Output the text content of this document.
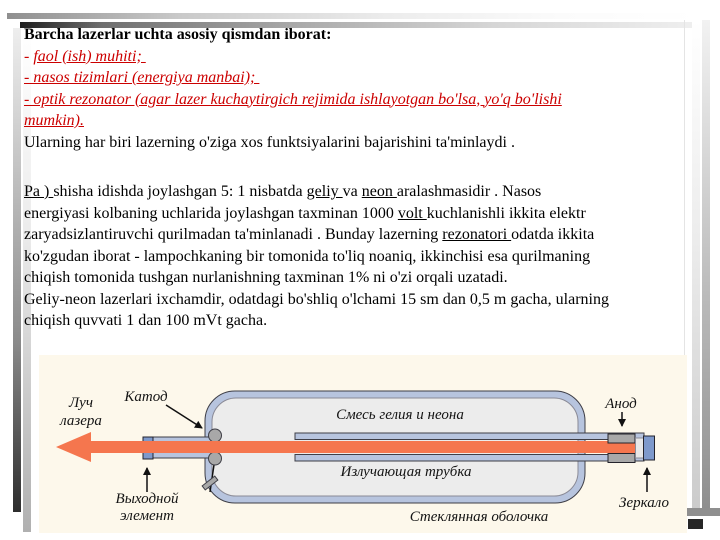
Barcha lazerlar uchta asosiy qismdan iborat:
- faol (ish) muhiti;
- nasos tizimlari (energiya manbai);
- optik rezonator (agar lazer kuchaytirgich rejimida ishlayotgan bo'lsa, yo'q bo'lishi
mumkin).
Ularning har biri lazerning o'ziga xos funktsiyalarini bajarishini ta'minlaydi .
Pa ) shisha idishda joylashgan 5: 1 nisbatda geliy va neon aralashmasidir . Nasos
energiyasi kolbaning uchlarida joylashgan taxminan 1000 volt kuchlanishli ikkita elektr
zaryadsizlantiruvchi qurilmadan ta'minlanadi . Bunday lazerning rezonatori odatda ikkita
ko'zgudan iborat - lampochkaning bir tomonida to'liq noaniq, ikkinchisi esa qurilmaning
chiqish tomonida tushgan nurlanishning taxminan 1% ni o'zi orqali uzatadi.
Geliy-neon lazerlari ixchamdir, odatdagi bo'shliq o'lchami 15 sm dan 0,5 m gacha, ularning
chiqish quvvati 1 dan 100 mVt gacha.
Луч
лазера
Катод
Смесь гелия и неона
Анод
Излучающая трубка
Выходной
элемент
Зеркало
Стеклянная оболочка
